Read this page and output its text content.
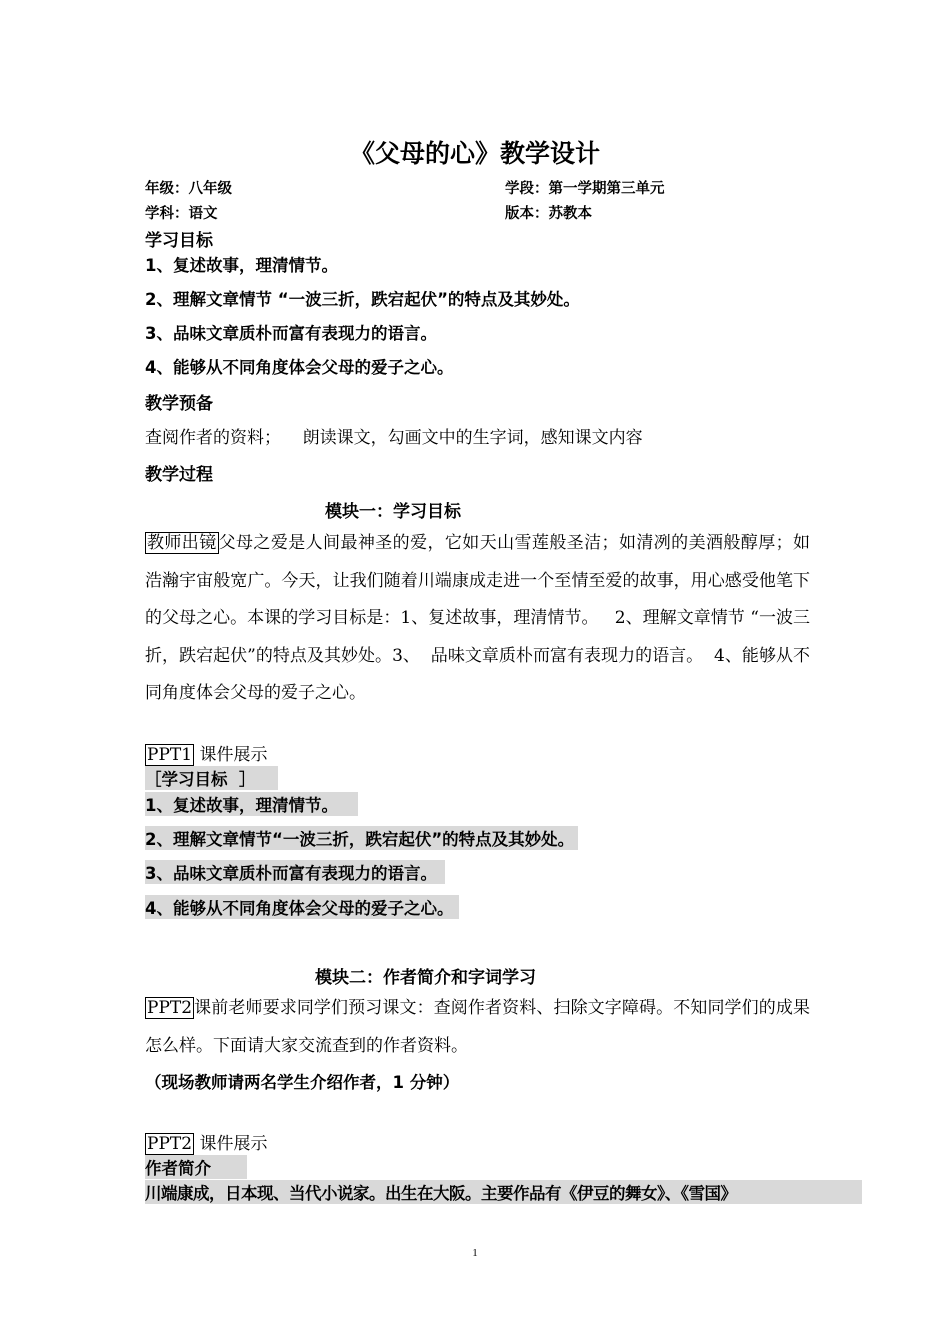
《父母的心》教学设计
年级：八年级	学段：第一学期第三单元
学科：语文	版本：苏教本
学习目标
1、复述故事，理清情节。
2、理解文章情节 “一波三折，跌宕起伏”的特点及其妙处。
3、品味文章质朴而富有表现力的语言。
4、能够从不同角度体会父母的爱子之心。
教学预备
查阅作者的资料；    朗读课文，勾画文中的生字词，感知课文内容
教学过程
模块一：学习目标
教师出镜 父母之爱是人间最神圣的爱，它如天山雪莲般圣洁；如清冽的美酒般醇厚；如浩瀚宇宙般宽广。今天，让我们随着川端康成走进一个至情至爱的故事，用心感受他笔下的父母之心。本课的学习目标是：1、复述故事，理清情节。   2、理解文章情节 “一波三折，跌宕起伏”的特点及其妙处。3、  品味文章质朴而富有表现力的语言。  4、能够从不同角度体会父母的爱子之心。
PPT1 课件展示
［学习目标  ］
1、复述故事，理清情节。
2、理解文章情节“一波三折，跌宕起伏”的特点及其妙处。
3、品味文章质朴而富有表现力的语言。
4、能够从不同角度体会父母的爱子之心。
模块二：作者简介和字词学习
PPT2 课前老师要求同学们预习课文：查阅作者资料、扫除文字障碍。不知同学们的成果怎么样。下面请大家交流查到的作者资料。
（现场教师请两名学生介绍作者，1 分钟）
PPT2 课件展示
作者简介
川端康成，日本现、当代小说家。出生在大阪。主要作品有《伊豆的舞女》、《雪国》
1
